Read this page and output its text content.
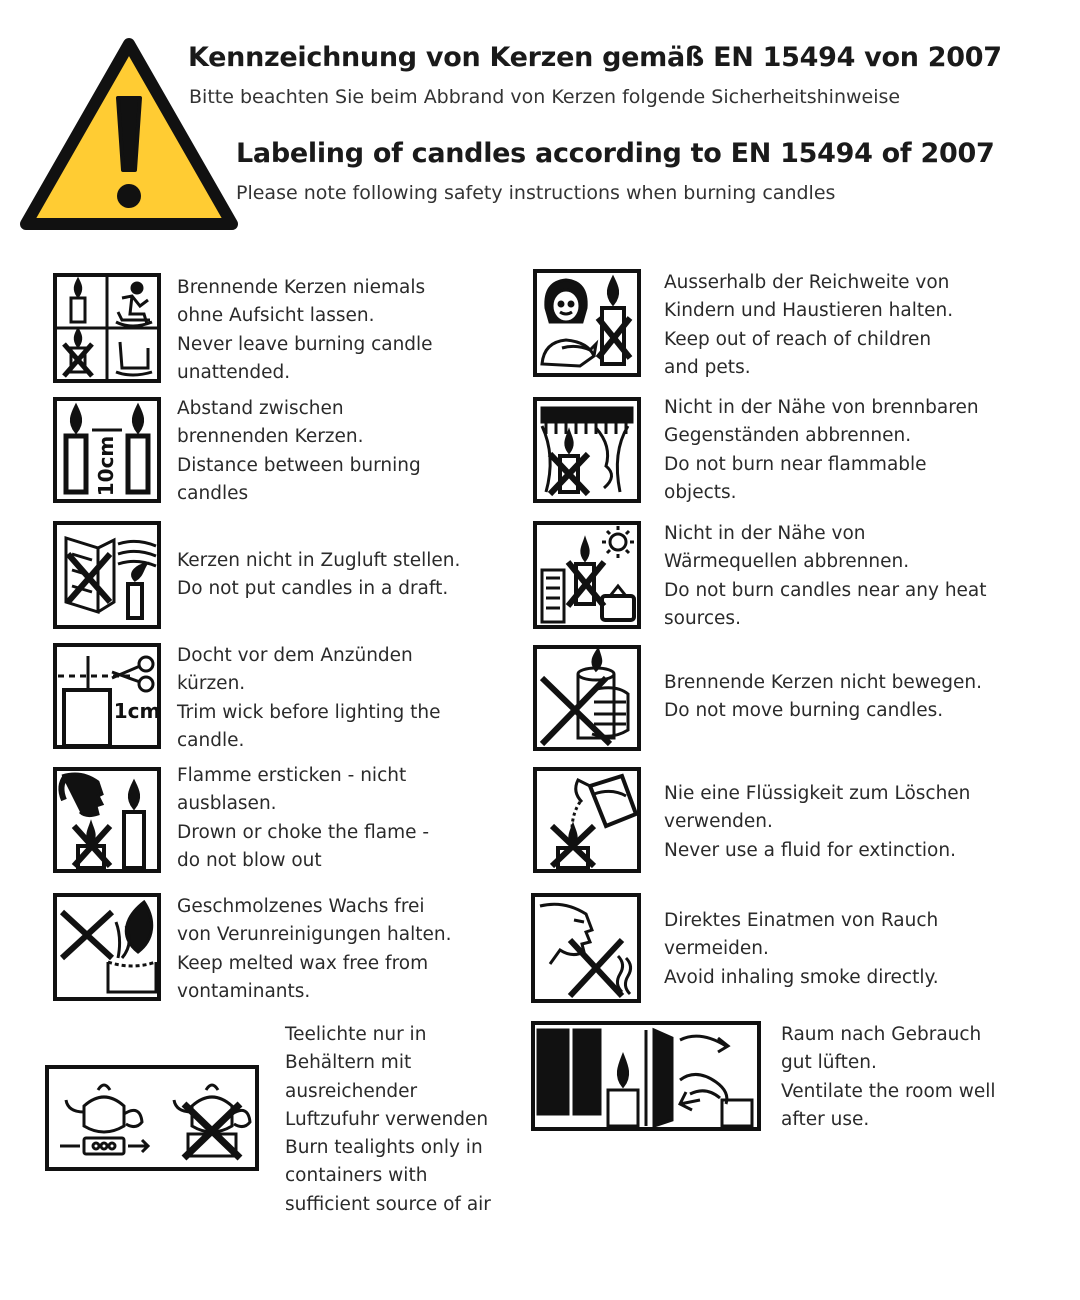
Kennzeichnung von Kerzen gemäß EN 15494 von 2007
Bitte beachten Sie beim Abbrand von Kerzen folgende Sicherheitshinweise
Labeling of candles according to EN 15494 of 2007
Please note following safety instructions when burning candles
Brennende Kerzen niemals
ohne Aufsicht lassen.
Never leave burning candle
unattended.
10cm
Abstand zwischen
brennenden Kerzen.
Distance between burning
candles
Kerzen nicht in Zugluft stellen.
Do not put candles in a draft.
1cm
Docht vor dem Anzünden
kürzen.
Trim wick before lighting the
candle.
Flamme ersticken - nicht
ausblasen.
Drown or choke the flame -
do not blow out
Geschmolzenes Wachs frei
von Verunreinigungen halten.
Keep melted wax free from
vontaminants.
Teelichte nur in
Behältern mit
ausreichender
Luftzufuhr verwenden
Burn tealights only in
containers with
sufficient source of air
Ausserhalb der Reichweite von
Kindern und Haustieren halten.
Keep out of reach of children
and pets.
Nicht in der Nähe von brennbaren
Gegenständen abbrennen.
Do not burn near flammable
objects.
Nicht in der Nähe von
Wärmequellen abbrennen.
Do not burn candles near any heat
sources.
Brennende Kerzen nicht bewegen.
Do not move burning candles.
Nie eine Flüssigkeit zum Löschen
verwenden.
Never use a fluid for extinction.
Direktes Einatmen von Rauch
vermeiden.
Avoid inhaling smoke directly.
Raum nach Gebrauch
gut lüften.
Ventilate the room well
after use.
